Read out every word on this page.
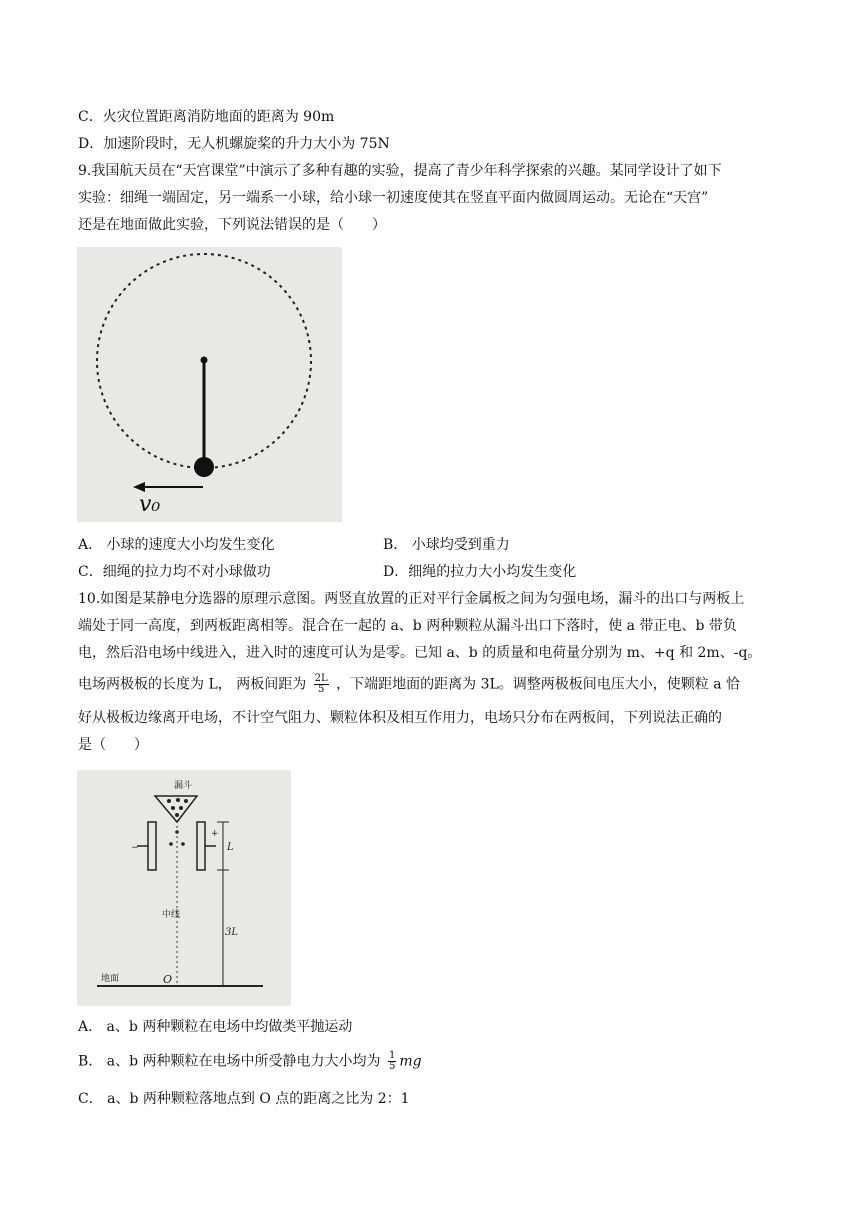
C．火灾位置距离消防地面的距离为 90m
D．加速阶段时，无人机螺旋桨的升力大小为 75N
9.我国航天员在“天宫课堂”中演示了多种有趣的实验，提高了青少年科学探索的兴趣。某同学设计了如下
实验：细绳一端固定，另一端系一小球，给小球一初速度使其在竖直平面内做圆周运动。无论在“天宫”
还是在地面做此实验，下列说法错误的是（　　）
v₀
A． 小球的速度大小均发生变化	B． 小球均受到重力
C．细绳的拉力均不对小球做功	D．细绳的拉力大小均发生变化
10.如图是某静电分选器的原理示意图。两竖直放置的正对平行金属板之间为匀强电场，漏斗的出口与两板上
端处于同一高度，到两板距离相等。混合在一起的 a、b 两种颗粒从漏斗出口下落时，使 a 带正电、b 带负
电，然后沿电场中线进入，进入时的速度可认为是零。已知 a、b 的质量和电荷量分别为 m、+q 和 2m、-q。
电场两极板的长度为 L， 两板间距为 $\frac{2L}{5}$ ，下端距地面的距离为 3L。调整两极板间电压大小，使颗粒 a 恰
好从极板边缘离开电场，不计空气阻力、颗粒体积及相互作用力，电场只分布在两板间，下列说法正确的
是（　　）
漏斗
−
+
中线
L
3L
地面	O
A． a、b 两种颗粒在电场中均做类平抛运动
B． a、b 两种颗粒在电场中所受静电力大小均为 $\frac{1}{5}$ mg
C． a、b 两种颗粒落地点到 O 点的距离之比为 2：1
